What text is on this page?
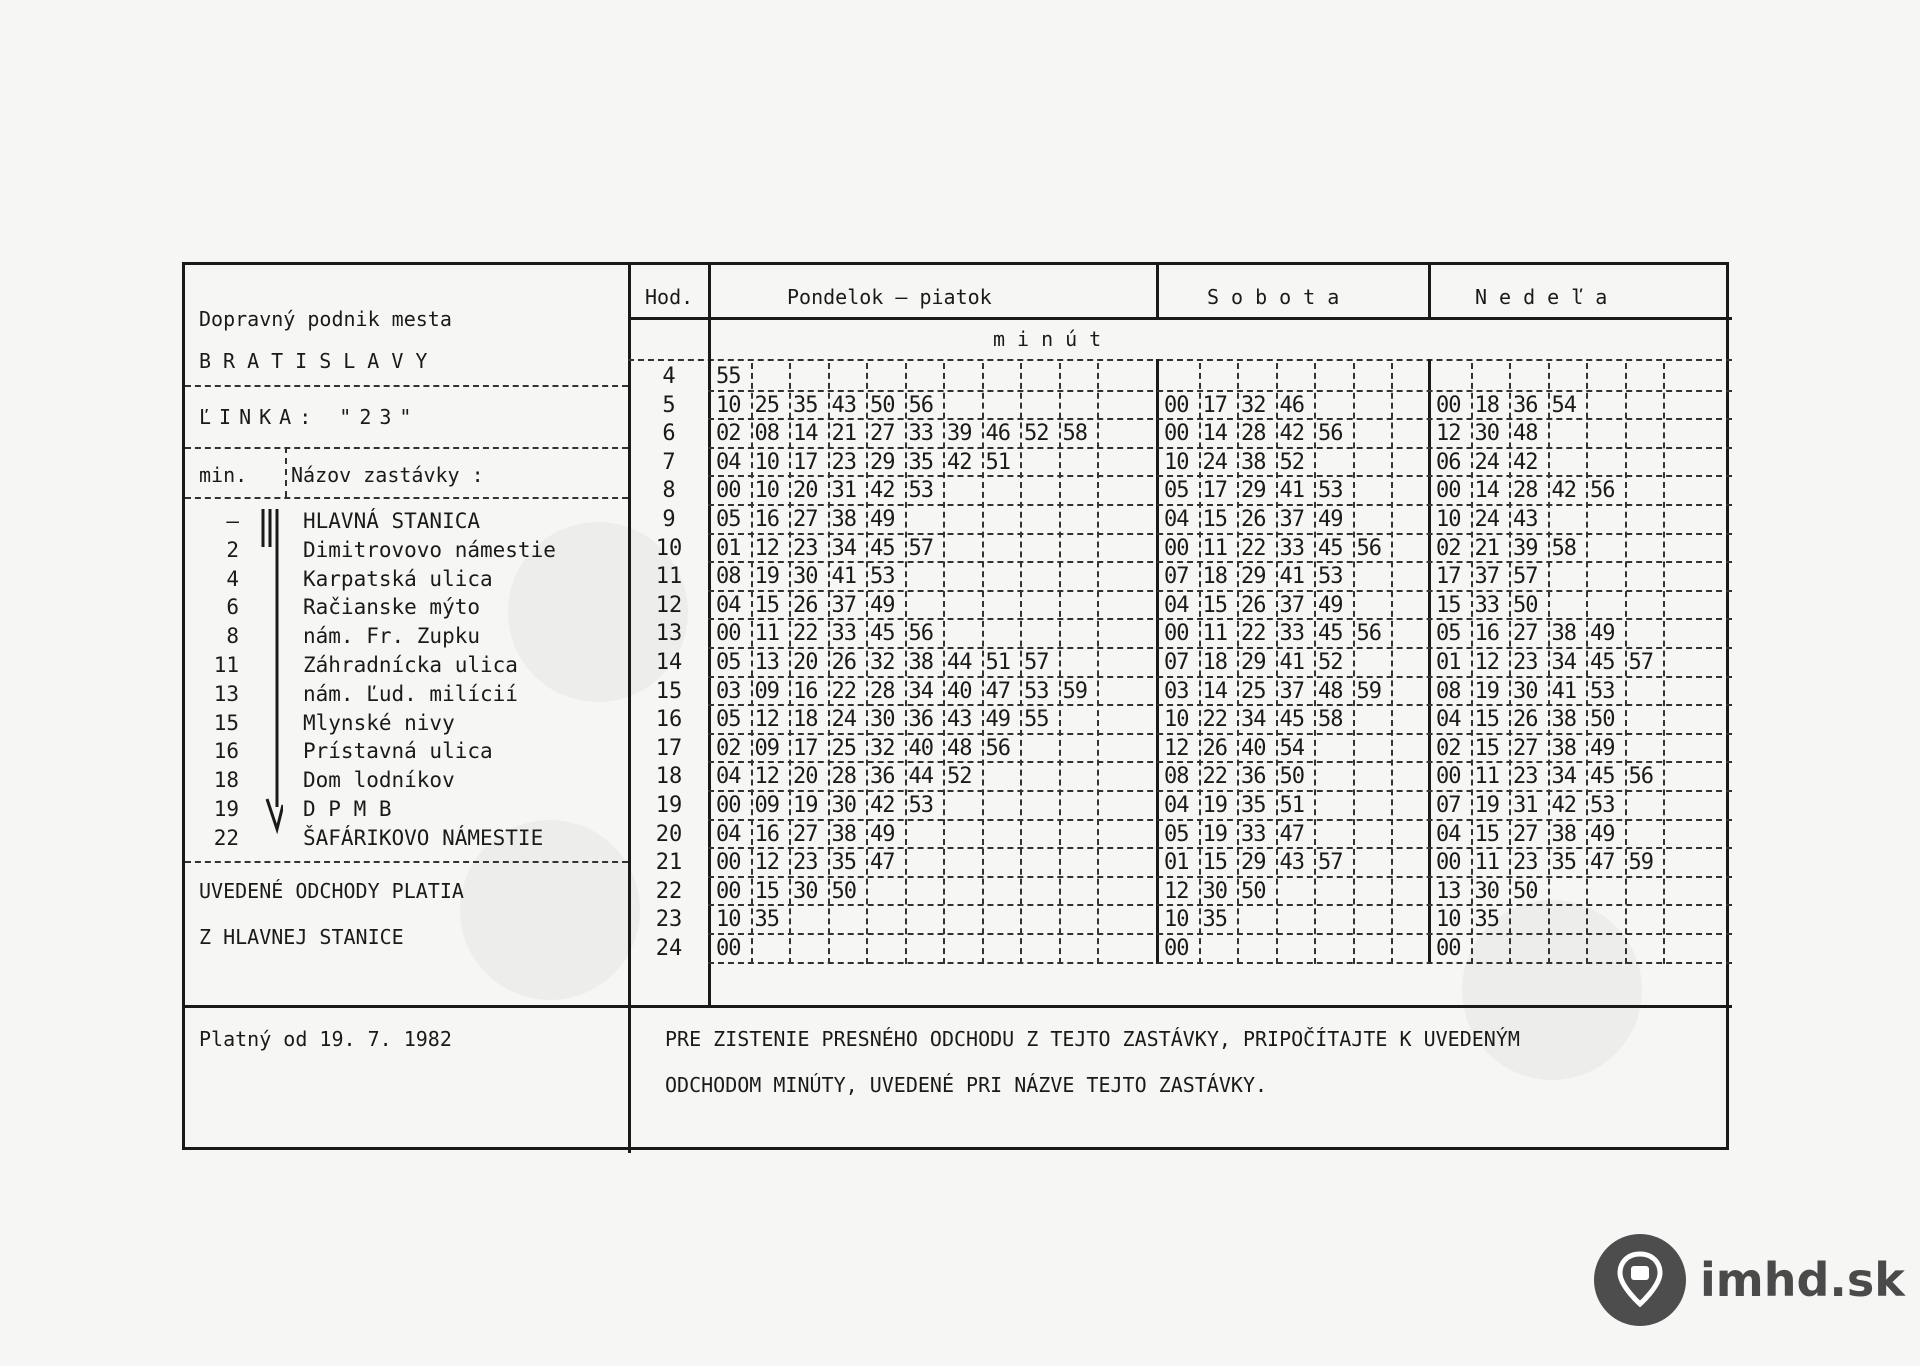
Dopravný podnik mesta
BRATISLAVY
ĽINKA: "23"
min. Názov zastávky :
–	HLAVNÁ STANICA
2	Dimitrovovo námestie
4	Karpatská ulica
6	Račianske mýto
8	nám. Fr. Zupku
11	Záhradnícka ulica
13	nám. Ľud. milícií
15	Mlynské nivy
16	Prístavná ulica
18	Dom lodníkov
19	D P M B
22	ŠAFÁRIKOVO NÁMESTIE
UVEDENÉ ODCHODY PLATIA
Z HLAVNEJ STANICE
Platný od 19. 7. 1982	PRE ZISTENIE PRESNÉHO ODCHODU Z TEJTO ZASTÁVKY, PRIPOČÍTAJTE K UVEDENÝM
ODCHODOM MINÚTY, UVEDENÉ PRI NÁZVE TEJTO ZASTÁVKY.
Hod.	Pondelok – piatok	Sobota	Nedeľa
minút
4	55
5	10 25 35 43 50 56	00 17 32 46	00 18 36 54
6	02 08 14 21 27 33 39 46 52 58	00 14 28 42 56	12 30 48
7	04 10 17 23 29 35 42 51	10 24 38 52	06 24 42
8	00 10 20 31 42 53	05 17 29 41 53	00 14 28 42 56
9	05 16 27 38 49	04 15 26 37 49	10 24 43
10	01 12 23 34 45 57	00 11 22 33 45 56	02 21 39 58
11	08 19 30 41 53	07 18 29 41 53	17 37 57
12	04 15 26 37 49	04 15 26 37 49	15 33 50
13	00 11 22 33 45 56	00 11 22 33 45 56	05 16 27 38 49
14	05 13 20 26 32 38 44 51 57	07 18 29 41 52	01 12 23 34 45 57
15	03 09 16 22 28 34 40 47 53 59	03 14 25 37 48 59	08 19 30 41 53
16	05 12 18 24 30 36 43 49 55	10 22 34 45 58	04 15 26 38 50
17	02 09 17 25 32 40 48 56	12 26 40 54	02 15 27 38 49
18	04 12 20 28 36 44 52	08 22 36 50	00 11 23 34 45 56
19	00 09 19 30 42 53	04 19 35 51	07 19 31 42 53
20	04 16 27 38 49	05 19 33 47	04 15 27 38 49
21	00 12 23 35 47	01 15 29 43 57	00 11 23 35 47 59
22	00 15 30 50	12 30 50	13 30 50
23	10 35	10 35	10 35
24	00	00	00
imhd.sk
